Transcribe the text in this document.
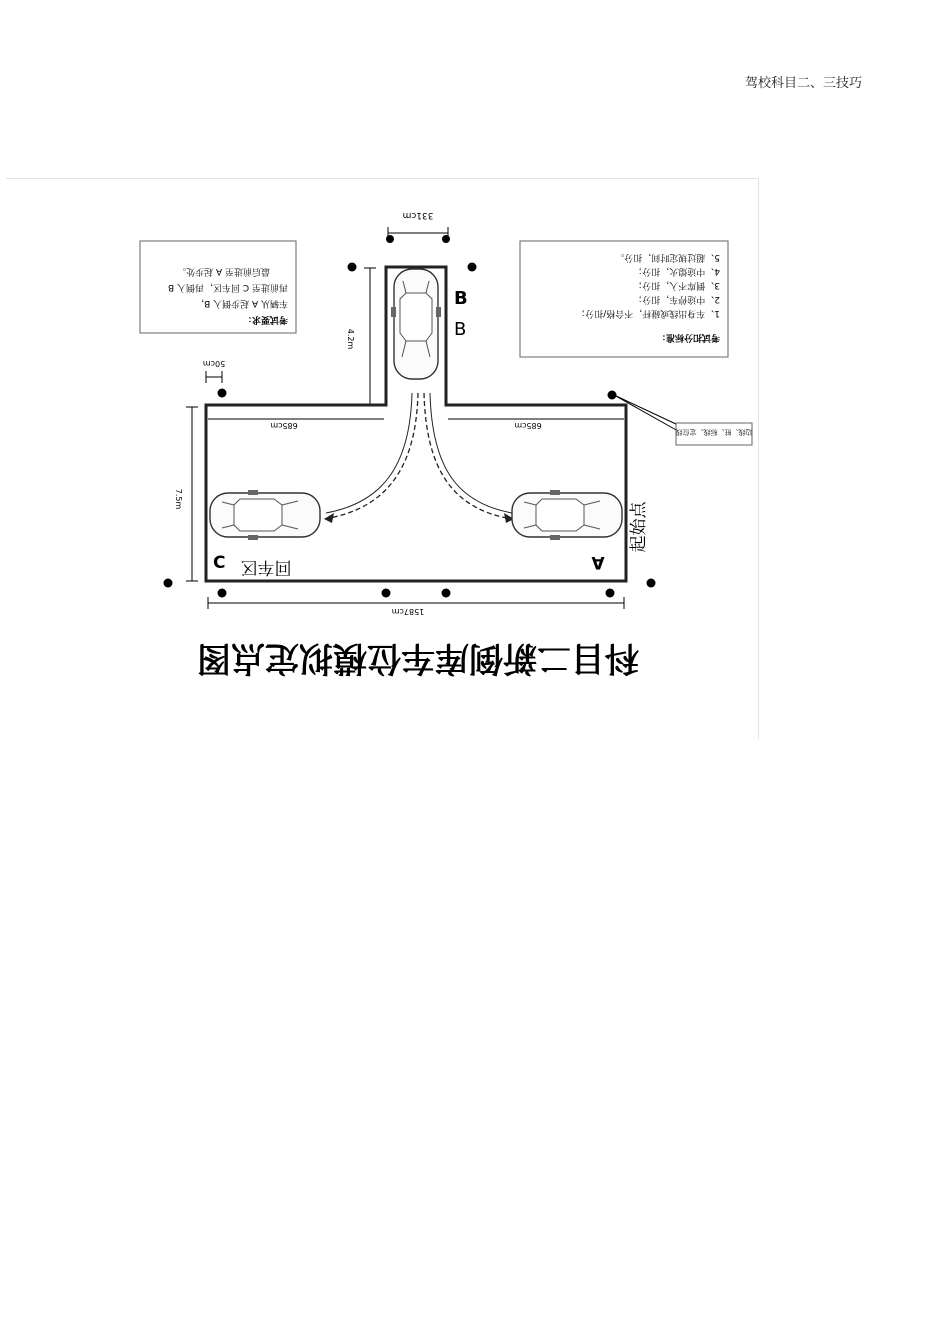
驾校科目二、三技巧
考试要求：
车辆从 A 起步倒入 B，
再前进至 C 回车区，再倒入 B
最后前进至 A 起步处。
考试扣分标准：
1、车身出线或碰杆，不合格/扣分；
2、中途停车，扣分；
3、倒库不入，扣分；
4、中途熄火，扣分；
5、超过规定时间，扣分。
331cm
4.2m
685cm	685cm
50cm
7.5m
1587cm
边线、桩、标线、定位线
B
B
C 回车区	A
起始点
科目二新倒库车位模拟定点图
